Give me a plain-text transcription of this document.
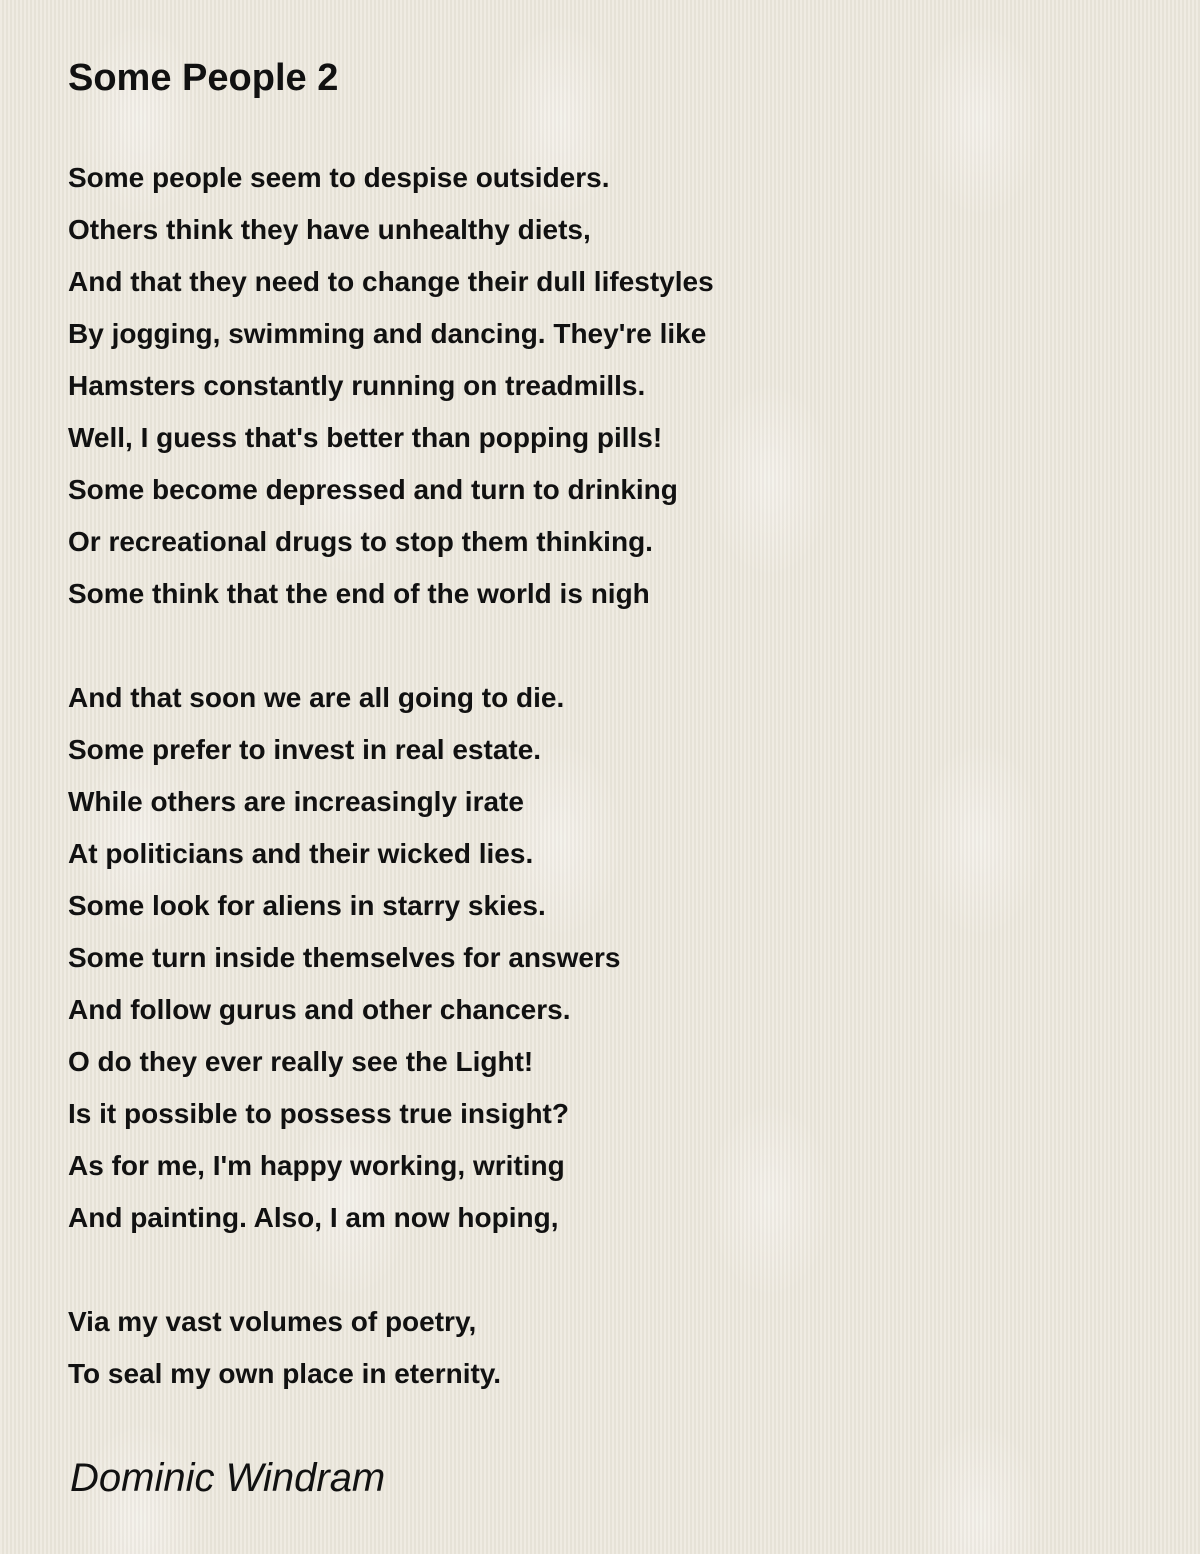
Some People 2
Some people seem to despise outsiders.
Others think they have unhealthy diets,
And that they need to change their dull lifestyles
By jogging, swimming and dancing. They're like
Hamsters constantly running on treadmills.
Well, I guess that's better than popping pills!
Some become depressed and turn to drinking
Or recreational drugs to stop them thinking.
Some think that the end of the world is nigh
And that soon we are all going to die.
Some prefer to invest in real estate.
While others are increasingly irate
At politicians and their wicked lies.
Some look for aliens in starry skies.
Some turn inside themselves for answers
And follow gurus and other chancers.
O do they ever really see the Light!
Is it possible to possess true insight?
As for me, I'm happy working, writing
And painting. Also, I am now hoping,
Via my vast volumes of poetry,
To seal my own place in eternity.
Dominic Windram
